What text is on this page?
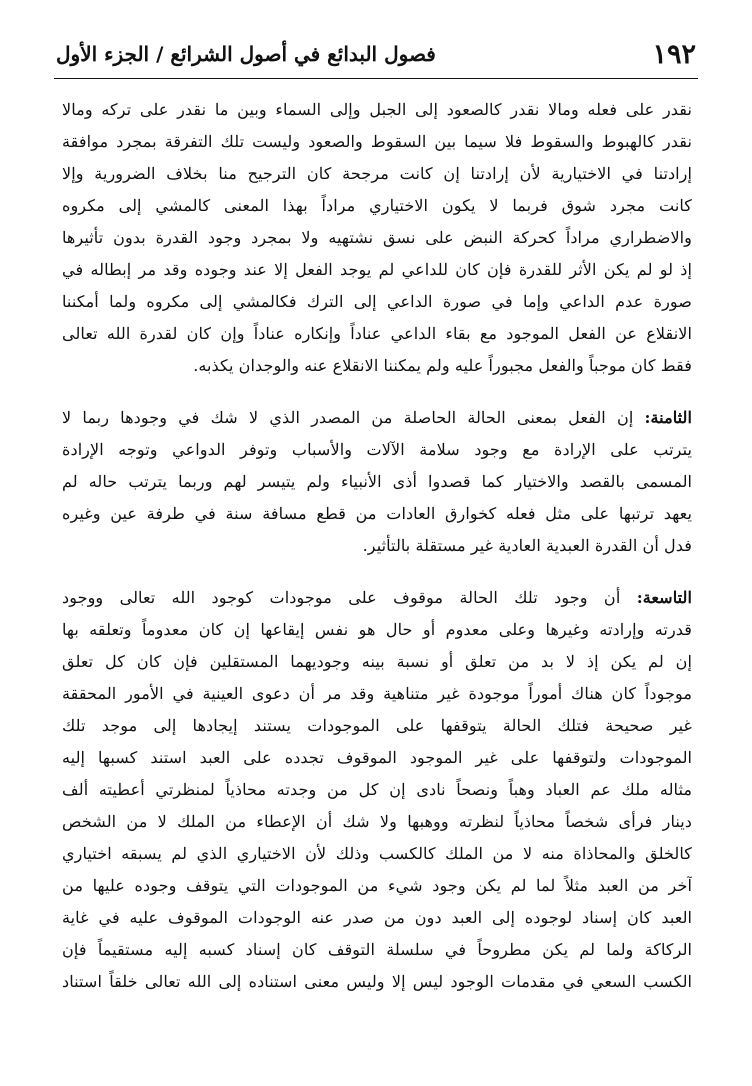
١٩٢
فصول البدائع في أصول الشرائع / الجزء الأول
نقدر على فعله ومالا نقدر كالصعود إلى الجبل وإلى السماء وبين ما نقدر على تركه ومالا
نقدر كالهبوط والسقوط فلا سيما بين السقوط والصعود وليست تلك التفرقة بمجرد موافقة
إرادتنا في الاختيارية لأن إرادتنا إن كانت مرجحة كان الترجيح منا بخلاف الضرورية وإلا
كانت مجرد شوق فربما لا يكون الاختياري مراداً بهذا المعنى كالمشي إلى مكروه
والاضطراري مراداً كحركة النبض على نسق نشتهيه ولا بمجرد وجود القدرة بدون تأثيرها
إذ لو لم يكن الأثر للقدرة فإن كان للداعي لم يوجد الفعل إلا عند وجوده وقد مر إبطاله في
صورة عدم الداعي وإما في صورة الداعي إلى الترك فكالمشي إلى مكروه ولما أمكننا
الانقلاع عن الفعل الموجود مع بقاء الداعي عناداً وإنكاره عناداً وإن كان لقدرة الله تعالى
فقط كان موجباً والفعل مجبوراً عليه ولم يمكننا الانقلاع عنه والوجدان يكذبه.
الثامنة: إن الفعل بمعنى الحالة الحاصلة من المصدر الذي لا شك في وجودها ربما لا
يترتب على الإرادة مع وجود سلامة الآلات والأسباب وتوفر الدواعي وتوجه الإرادة
المسمى بالقصد والاختيار كما قصدوا أذى الأنبياء ولم يتيسر لهم وربما يترتب حاله لم
يعهد ترتبها على مثل فعله كخوارق العادات من قطع مسافة سنة في طرفة عين وغيره
فدل أن القدرة العبدية العادية غير مستقلة بالتأثير.
التاسعة: أن وجود تلك الحالة موقوف على موجودات كوجود الله تعالى ووجود
قدرته وإرادته وغيرها وعلى معدوم أو حال هو نفس إيقاعها إن كان معدوماً وتعلقه بها
إن لم يكن إذ لا بد من تعلق أو نسبة بينه وجوديهما المستقلين فإن كان كل تعلق
موجوداً كان هناك أموراً موجودة غير متناهية وقد مر أن دعوى العينية في الأمور المحققة
غير صحيحة فتلك الحالة يتوقفها على الموجودات يستند إيجادها إلى موجد تلك
الموجودات ولتوقفها على غير الموجود الموقوف تجدده على العبد استند كسبها إليه
مثاله ملك عم العباد وهباً ونصحاً نادى إن كل من وجدته محاذياً لمنظرتي أعطيته ألف
دينار فرأى شخصاً محاذياً لنظرته ووهبها ولا شك أن الإعطاء من الملك لا من الشخص
كالخلق والمحاذاة منه لا من الملك كالكسب وذلك لأن الاختياري الذي لم يسبقه اختياري
آخر من العبد مثلاً لما لم يكن وجود شيء من الموجودات التي يتوقف وجوده عليها من
العبد كان إسناد لوجوده إلى العبد دون من صدر عنه الوجودات الموقوف عليه في غاية
الركاكة ولما لم يكن مطروحاً في سلسلة التوقف كان إسناد كسبه إليه مستقيماً فإن
الكسب السعي في مقدمات الوجود ليس إلا وليس معنى استناده إلى الله تعالى خلقاً استناد
